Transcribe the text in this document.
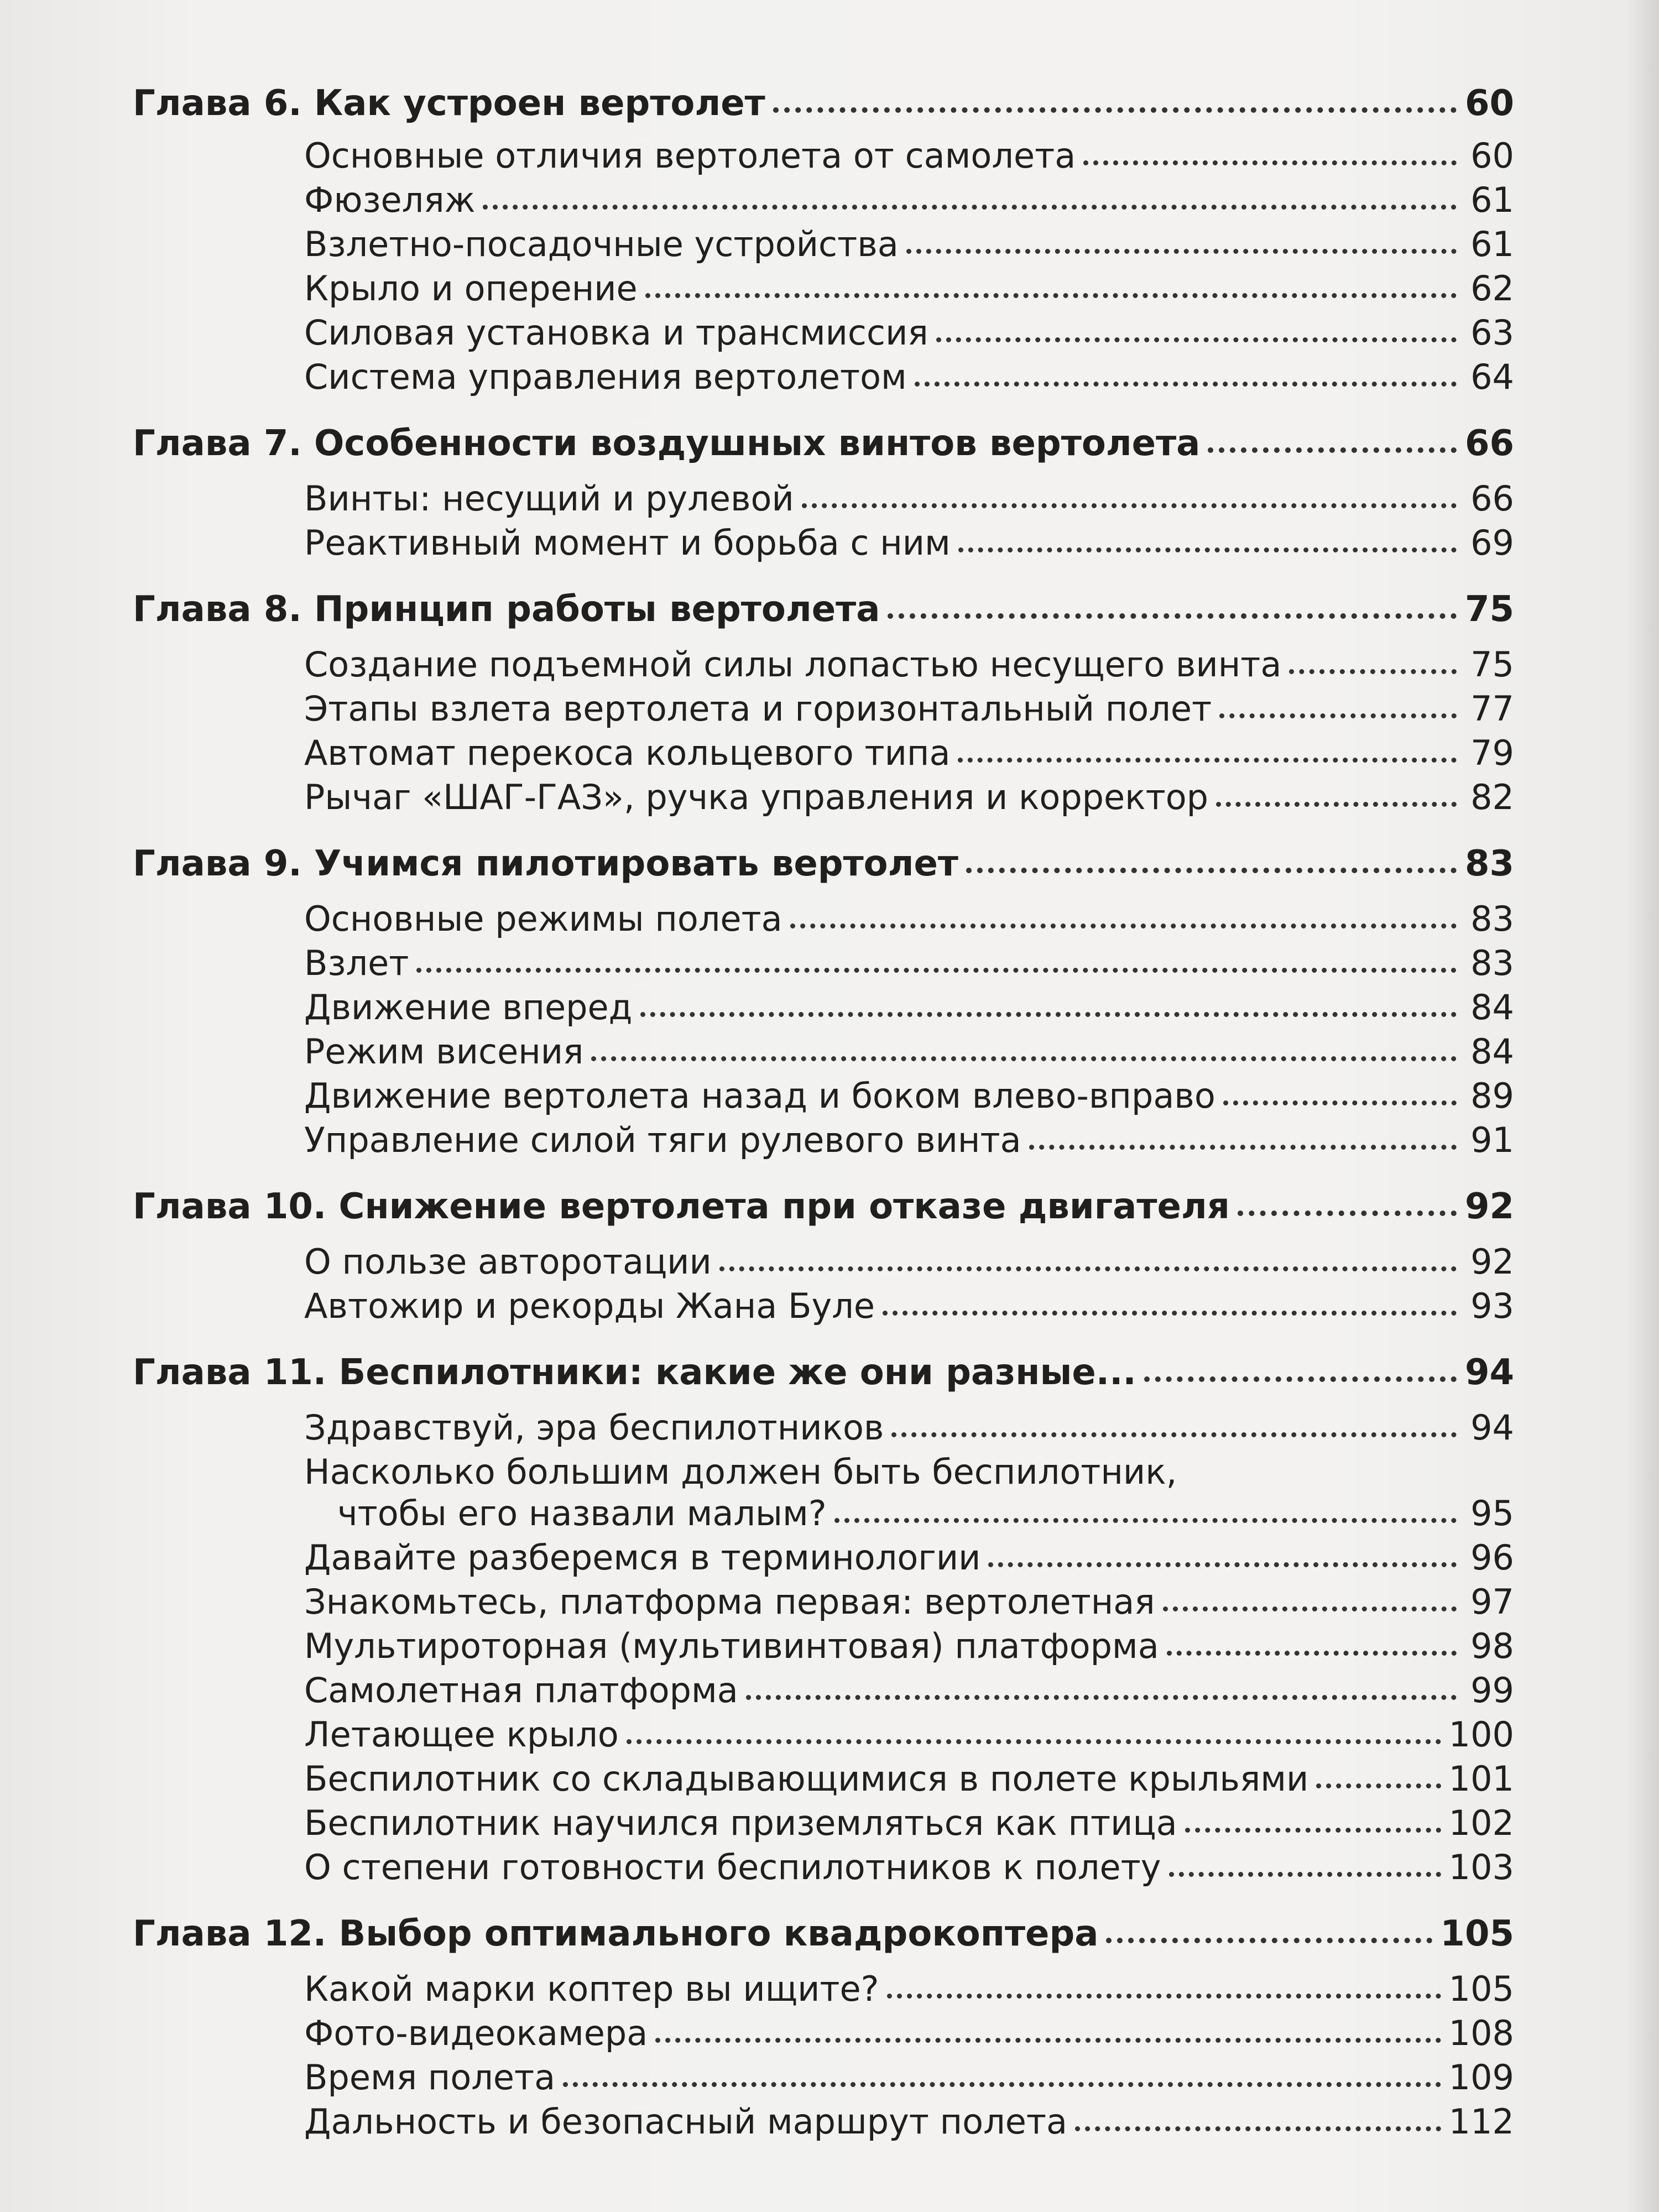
Глава 6. Как устроен вертолет	60
Основные отличия вертолета от самолета	60
Фюзеляж	61
Взлетно-посадочные устройства	61
Крыло и оперение	62
Силовая установка и трансмиссия	63
Система управления вертолетом	64
Глава 7. Особенности воздушных винтов вертолета	66
Винты: несущий и рулевой	66
Реактивный момент и борьба с ним	69
Глава 8. Принцип работы вертолета	75
Создание подъемной силы лопастью несущего винта	75
Этапы взлета вертолета и горизонтальный полет	77
Автомат перекоса кольцевого типа	79
Рычаг «ШАГ-ГАЗ», ручка управления и корректор	82
Глава 9. Учимся пилотировать вертолет	83
Основные режимы полета	83
Взлет	83
Движение вперед	84
Режим висения	84
Движение вертолета назад и боком влево-вправо	89
Управление силой тяги рулевого винта	91
Глава 10. Снижение вертолета при отказе двигателя	92
О пользе авторотации	92
Автожир и рекорды Жана Буле	93
Глава 11. Беспилотники: какие же они разные...	94
Здравствуй, эра беспилотников	94
Насколько большим должен быть беспилотник,
чтобы его назвали малым?	95
Давайте разберемся в терминологии	96
Знакомьтесь, платформа первая: вертолетная	97
Мультироторная (мультивинтовая) платформа	98
Самолетная платформа	99
Летающее крыло	100
Беспилотник со складывающимися в полете крыльями	101
Беспилотник научился приземляться как птица	102
О степени готовности беспилотников к полету	103
Глава 12. Выбор оптимального квадрокоптера	105
Какой марки коптер вы ищите?	105
Фото-видеокамера	108
Время полета	109
Дальность и безопасный маршрут полета	112
